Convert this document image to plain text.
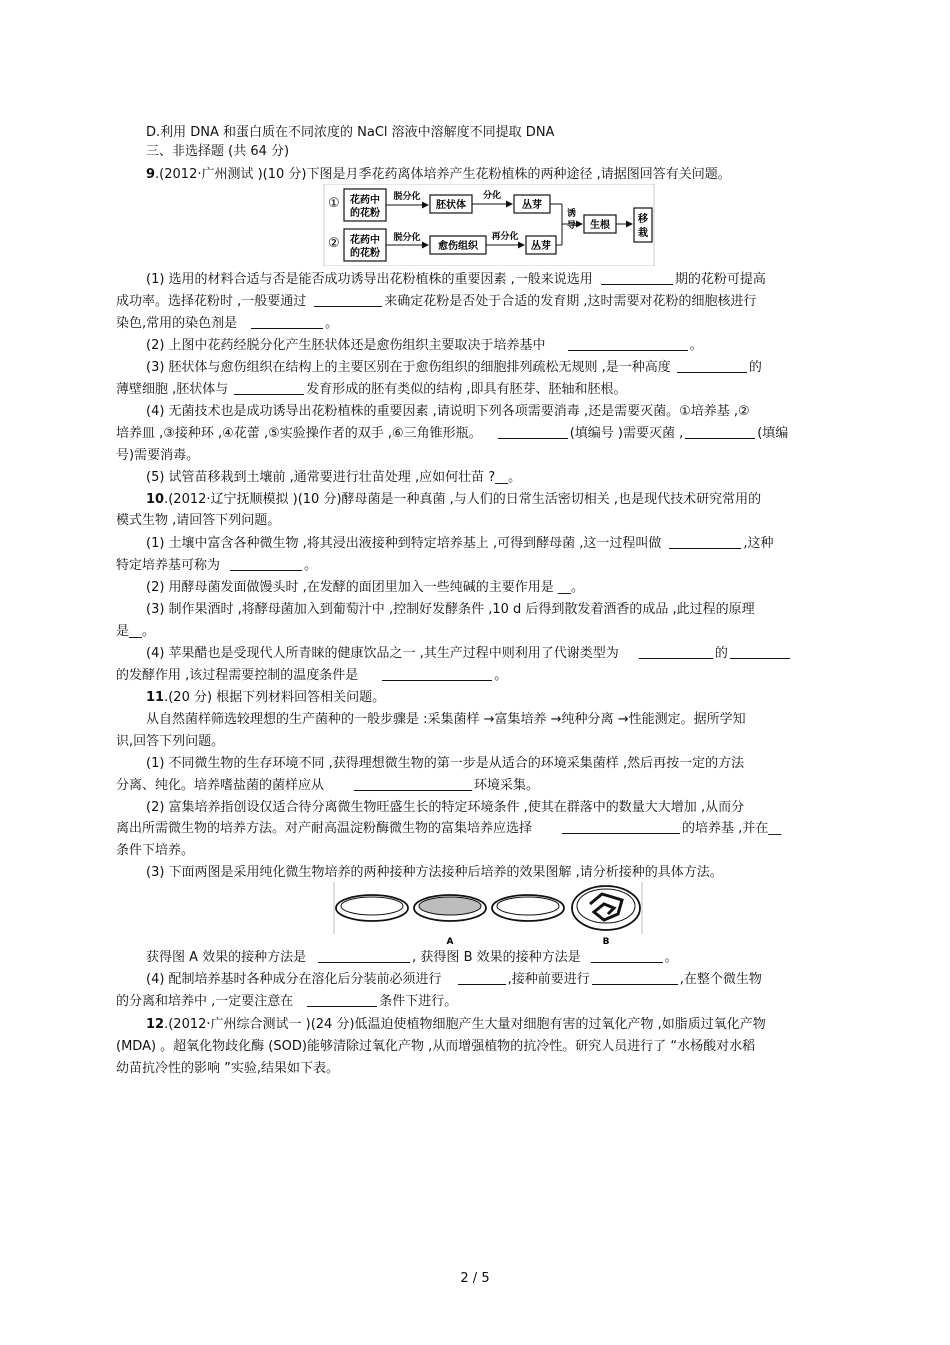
D.利用 DNA 和蛋白质在不同浓度的 NaCl 溶液中溶解度不同提取 DNA
三、非选择题 (共 64 分)
9.(2012·广州测试 )(10 分)下图是月季花药离体培养产生花粉植株的两种途径 ,请据图回答有关问题。
①
②
花药中
的花粉
脱分化
胚状体
分化
丛芽
花药中
的花粉
脱分化
愈伤组织
再分化
丛芽
诱
导 生根
移
栽
(1) 选用的材料合适与否是能否成功诱导出花粉植株的重要因素 ,一般来说选用	期的花粉可提高
成功率。选择花粉时 ,一般要通过	来确定花粉是否处于合适的发育期 ,这时需要对花粉的细胞核进行
染色,常用的染色剂是	。
(2) 上图中花药经脱分化产生胚状体还是愈伤组织主要取决于培养基中	。
(3) 胚状体与愈伤组织在结构上的主要区别在于愈伤组织的细胞排列疏松无规则 ,是一种高度	的
薄壁细胞 ,胚状体与	发育形成的胚有类似的结构 ,即具有胚芽、胚轴和胚根。
(4) 无菌技术也是成功诱导出花粉植株的重要因素 ,请说明下列各项需要消毒 ,还是需要灭菌。①培养基 ,②
培养皿 ,③接种环 ,④花蕾 ,⑤实验操作者的双手 ,⑥三角锥形瓶。	(填编号 )需要灭菌 ,	(填编
号)需要消毒。
(5) 试管苗移栽到土壤前 ,通常要进行壮苗处理 ,应如何壮苗 ?__。
10.(2012·辽宁抚顺模拟 )(10 分)酵母菌是一种真菌 ,与人们的日常生活密切相关 ,也是现代技术研究常用的
模式生物 ,请回答下列问题。
(1) 土壤中富含各种微生物 ,将其浸出液接种到特定培养基上 ,可得到酵母菌 ,这一过程叫做	,这种
特定培养基可称为	。
(2) 用酵母菌发面做馒头时 ,在发酵的面团里加入一些纯碱的主要作用是 __。
(3) 制作果酒时 ,将酵母菌加入到葡萄汁中 ,控制好发酵条件 ,10 d 后得到散发着酒香的成品 ,此过程的原理
是__。
(4) 苹果醋也是受现代人所青睐的健康饮品之一 ,其生产过程中则利用了代谢类型为	的
的发酵作用 ,该过程需要控制的温度条件是	。
11.(20 分) 根据下列材料回答相关问题。
从自然菌样筛选较理想的生产菌种的一般步骤是 :采集菌样 →富集培养 →纯种分离 →性能测定。据所学知
识,回答下列问题。
(1) 不同微生物的生存环境不同 ,获得理想微生物的第一步是从适合的环境采集菌样 ,然后再按一定的方法
分离、纯化。培养嗜盐菌的菌样应从	环境采集。
(2) 富集培养指创设仅适合待分离微生物旺盛生长的特定环境条件 ,使其在群落中的数量大大增加 ,从而分
离出所需微生物的培养方法。对产耐高温淀粉酶微生物的富集培养应选择	的培养基 ,并在__
条件下培养。
(3) 下面两图是采用纯化微生物培养的两种接种方法接种后培养的效果图解 ,请分析接种的具体方法。
A	B
获得图 A 效果的接种方法是	, 获得图 B 效果的接种方法是	。
(4) 配制培养基时各种成分在溶化后分装前必须进行	,接种前要进行	,在整个微生物
的分离和培养中 ,一定要注意在	条件下进行。
12.(2012·广州综合测试一 )(24 分)低温迫使植物细胞产生大量对细胞有害的过氧化产物 ,如脂质过氧化产物
(MDA) 。超氧化物歧化酶 (SOD)能够清除过氧化产物 ,从而增强植物的抗冷性。研究人员进行了 “水杨酸对水稻
幼苗抗冷性的影响 ”实验,结果如下表。
2 / 5
